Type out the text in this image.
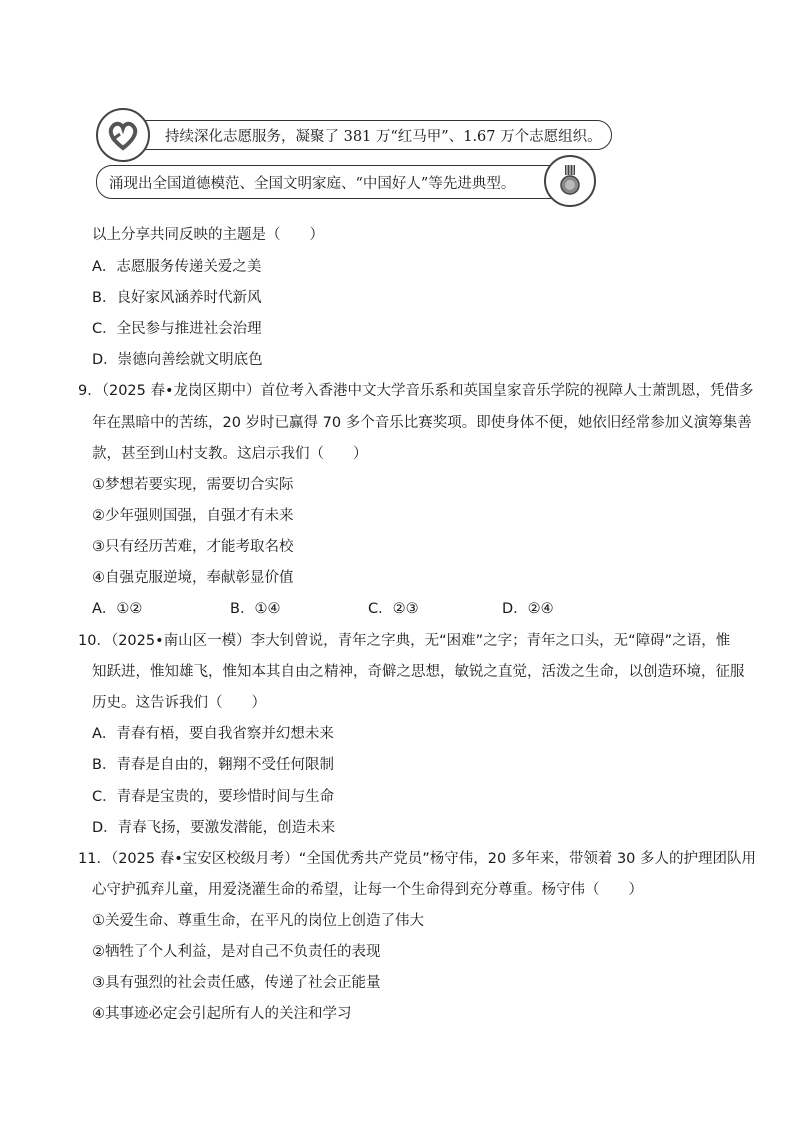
持续深化志愿服务，凝聚了 381 万“红马甲”、1.67 万个志愿组织。
涌现出全国道德模范、全国文明家庭、“中国好人”等先进典型。
以上分享共同反映的主题是（　　）
A．志愿服务传递关爱之美
B．良好家风涵养时代新风
C．全民参与推进社会治理
D．崇德向善绘就文明底色
9．（2025 春•龙岗区期中）首位考入香港中文大学音乐系和英国皇家音乐学院的视障人士萧凯恩，凭借多
年在黑暗中的苦练，20 岁时已赢得 70 多个音乐比赛奖项。即使身体不便，她依旧经常参加义演筹集善
款，甚至到山村支教。这启示我们（　　）
①梦想若要实现，需要切合实际
②少年强则国强，自强才有未来
③只有经历苦难，才能考取名校
④自强克服逆境，奉献彰显价值
A．①②	B．①④	C．②③	D．②④
10．（2025•南山区一模）李大钊曾说，青年之字典，无“困难”之字；青年之口头，无“障碍”之语，惟
知跃进，惟知雄飞，惟知本其自由之精神，奇僻之思想，敏锐之直觉，活泼之生命，以创造环境，征服
历史。这告诉我们（　　）
A．青春有梧，要自我省察并幻想未来
B．青春是自由的，翱翔不受任何限制
C．青春是宝贵的，要珍惜时间与生命
D．青春飞扬，要激发潜能，创造未来
11．（2025 春•宝安区校级月考）“全国优秀共产党员”杨守伟，20 多年来，带领着 30 多人的护理团队用
心守护孤弃儿童，用爱浇灌生命的希望，让每一个生命得到充分尊重。杨守伟（　　）
①关爱生命、尊重生命，在平凡的岗位上创造了伟大
②牺牲了个人利益，是对自己不负责任的表现
③具有强烈的社会责任感，传递了社会正能量
④其事迹必定会引起所有人的关注和学习
